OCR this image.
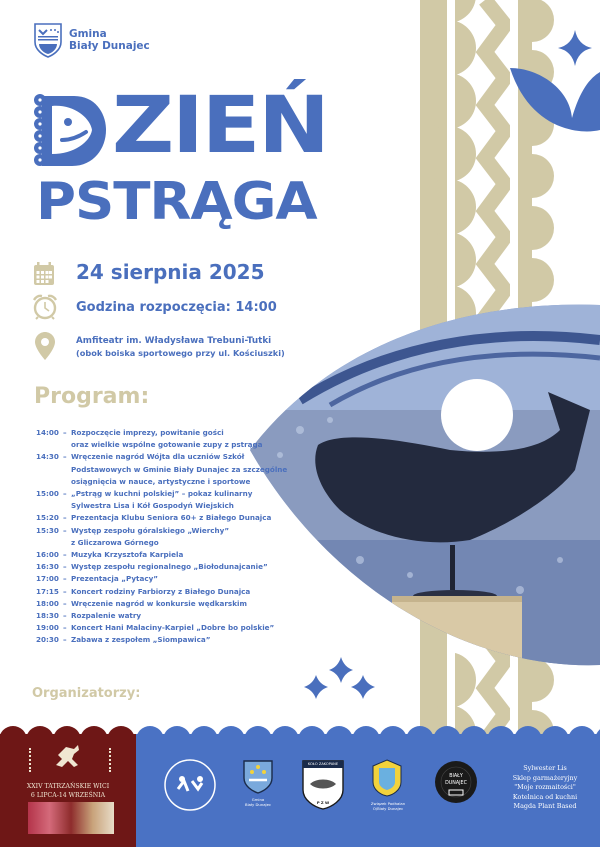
Gmina
Biały Dunajec
ZIEŃ
PSTRĄGA
24 sierpnia 2025
Godzina rozpoczęcia: 14:00
Amfiteatr im. Władysława Trebuni-Tutki
(obok boiska sportowego przy ul. Kościuszki)
Program:
14:00 – Rozpoczęcie imprezy, powitanie gości
oraz wielkie wspólne gotowanie zupy z pstrąga
14:30 – Wręczenie nagród Wójta dla uczniów Szkół
Podstawowych w Gminie Biały Dunajec za szczególne
osiągnięcia w nauce, artystyczne i sportowe
15:00 – „Pstrąg w kuchni polskiej” – pokaz kulinarny
Sylwestra Lisa i Kół Gospodyń Wiejskich
15:20 – Prezentacja Klubu Seniora 60+ z Białego Dunajca
15:30 – Występ zespołu góralskiego „Wierchy”
z Gliczarowa Górnego
16:00 – Muzyka Krzysztofa Karpiela
16:30 – Występ zespołu regionalnego „Biołodunajcanie”
17:00 – Prezentacja „Pytacy”
17:15 – Koncert rodziny Farbiorzy z Białego Dunajca
18:00 – Wręczenie nagród w konkursie wędkarskim
18:30 – Rozpalenie watry
19:00 – Koncert Hani Malaciny-Karpiel „Dobre bo polskie”
20:30 – Zabawa z zespołem „Siompawica”
Organizatorzy:
XXIV TATRZAŃSKIE WICI
6 LIPCA-14 WRZEŚNIA
Gmina
Biały Dunajec
KOŁO ZAKOPANE
P Z W	Związek Podhalan
O/Biały Dunajec
BIAŁY
DUNAJEC
Sylwester Lis
Sklep garmażeryjny
"Moje rozmaitości"
Kotelnica od kuchni
Magda Plant Based
